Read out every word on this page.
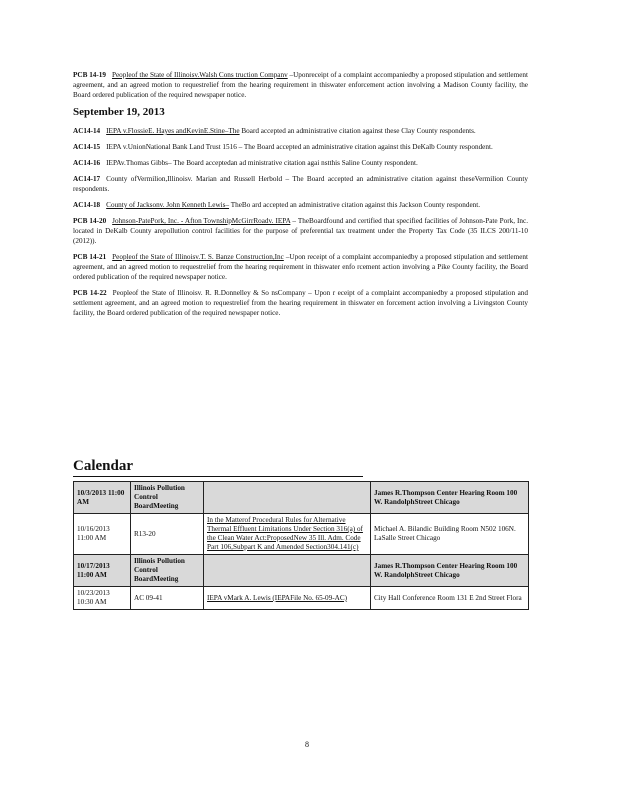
PCB 14-19 Peopleof the State of Illinoisv.Walsh Cons truction Companv –Uponreceipt of a complaint accompaniedby a proposed stipulation and settlement agreement, and an agreed motion to requestrelief from the hearing requirement in thiswater enforcement action involving a Madison County facility, the Board ordered publication of the required newspaper notice.
September 19, 2013
AC14-14 IEPA v.FlossieE. Hayes andKevinE.Stine–The Board accepted an administrative citation against these Clay County respondents.
AC14-15 IEPA v.UnionNational Bank Land Trust 1516 – The Board accepted an administrative citation against this DeKalb County respondent.
AC14-16 IEPAv.Thomas Gibbs– The Board acceptedan ad ministrative citation agai nstthis Saline County respondent.
AC14-17 County ofVermilion,Illinoisv. Marian and Russell Herbold – The Board accepted an administrative citation against theseVermilion County respondents.
AC14-18 County of Jacksonv. John Kenneth Lewis– TheBo ard accepted an administrative citation against this Jackson County respondent.
PCB 14-20 Johnson-PatePork, Inc. - Afton TownshipMcGirrRoadv. IEPA – TheBoardfound and certified that specified facilities of Johnson-Pate Pork, Inc. located in DeKalb County arepollution control facilities for the purpose of preferential tax treatment under the Property Tax Code (35 ILCS 200/11-10 (2012)).
PCB 14-21 Peopleof the State of Illinoisv.T. S. Banze Construction,Inc –Upon receipt of a complaint accompaniedby a proposed stipulation and settlement agreement, and an agreed motion to requestrelief from the hearing requirement in thiswater enfo rcement action involving a Pike County facility, the Board ordered publication of the required newspaper notice.
PCB 14-22 Peopleof the State of Illinoisv. R. R.Donnelley & So nsCompany – Upon r eceipt of a complaint accompaniedby a proposed stipulation and settlement agreement, and an agreed motion to requestrelief from the hearing requirement in thiswater en forcement action involving a Livingston County facility, the Board ordered publication of the required newspaper notice.
Calendar
10/3/2013 11:00 AM	Illinois Pollution Control BoardMeeting		James R.Thompson Center Hearing Room 100 W. RandolphStreet Chicago
10/16/2013 11:00 AM	R13-20	In the Matterof Procedural Rules for Alternative Thermal Effluent Limitations Under Section 316(a) of the Clean Water Act:ProposedNew 35 Ill. Adm. Code Part 106,Subpart K and Amended Section304.141(c)	Michael A. Bilandic Building Room N502 106N. LaSalle Street Chicago
10/17/2013 11:00 AM	Illinois Pollution Control BoardMeeting		James R.Thompson Center Hearing Room 100 W. RandolphStreet Chicago
10/23/2013 10:30 AM	AC 09-41	IEPA vMark A. Lewis (IEPAFile No. 65-09-AC)	City Hall Conference Room 131 E 2nd Street Flora
8
